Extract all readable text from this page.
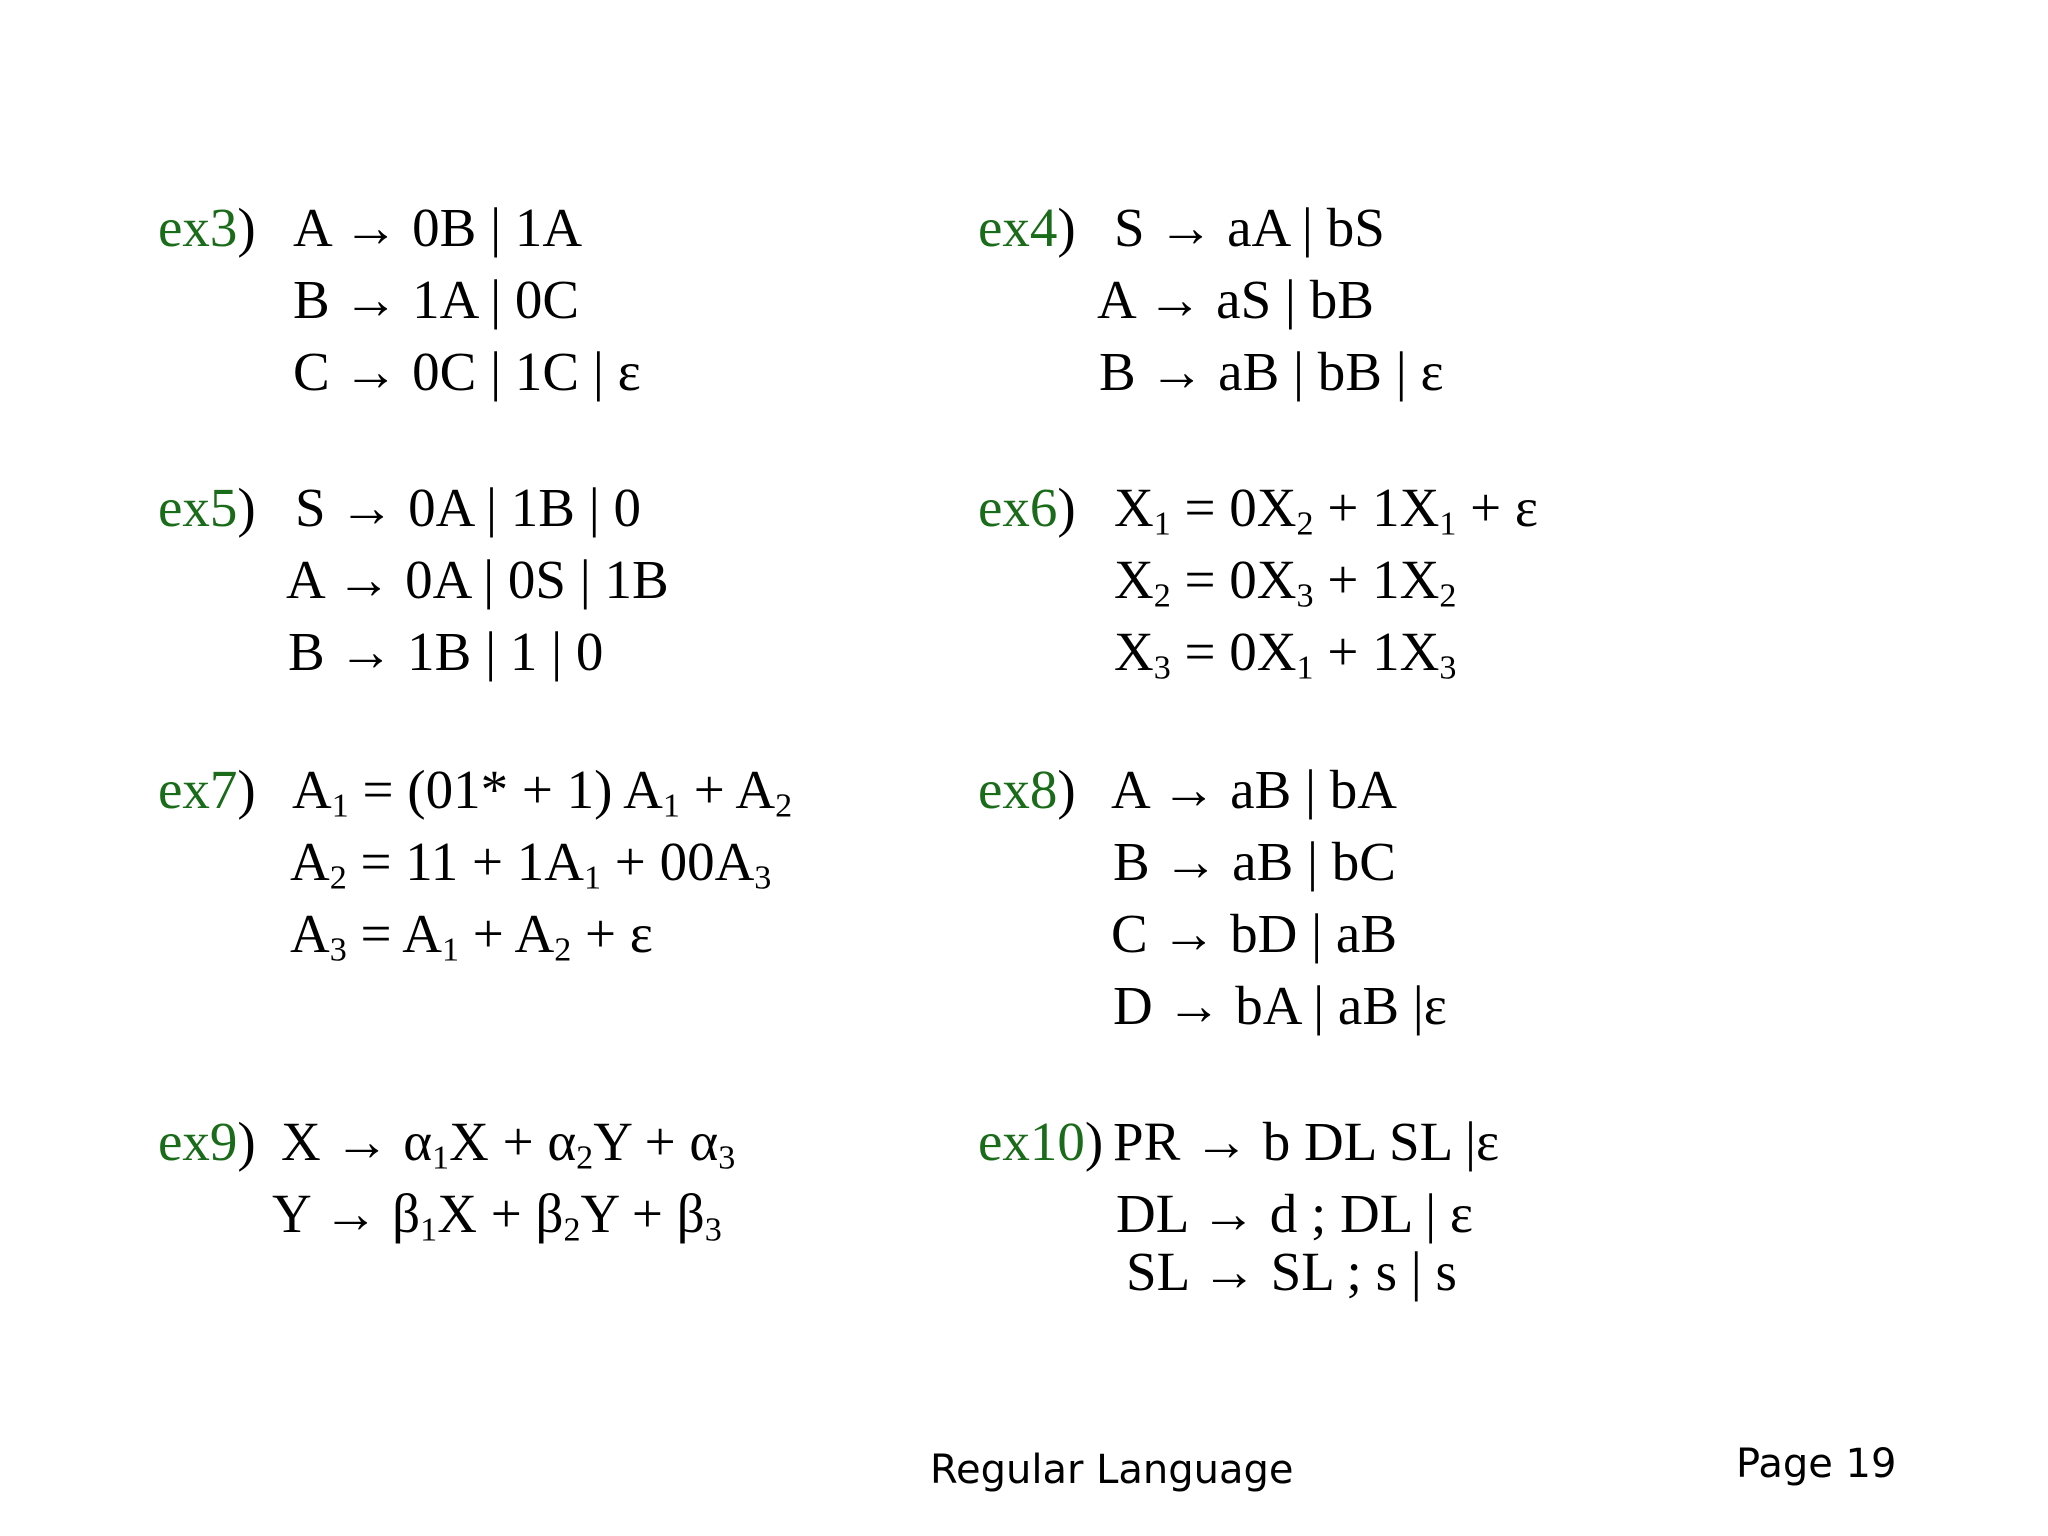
ex3) A → 0B | 1A
B → 1A | 0C
C → 0C | 1C | ε
ex4) S → aA | bS
A → aS | bB
B → aB | bB | ε
ex5) S → 0A | 1B | 0
A → 0A | 0S | 1B
B → 1B | 1 | 0
ex6) $X_1 = 0X_2 + 1X_1 + \varepsilon$
$X_2 = 0X_3 + 1X_2$
$X_3 = 0X_1 + 1X_3$
ex7) $A_1 = (01* + 1) A_1 + A_2$
$A_2 = 11 + 1A_1 + 00A_3$
$A_3 = A_1 + A_2 + \varepsilon$
ex8) A → aB | bA
B → aB | bC
C → bD | aB
D → bA | aB |ε
ex9) $X \to \alpha_1X + \alpha_2Y + \alpha_3$
$Y \to \beta_1X + \beta_2Y + \beta_3$
ex10) PR → b DL SL |ε
DL → d ; DL | ε
SL → SL ; s | s
Regular Language	Page 19
